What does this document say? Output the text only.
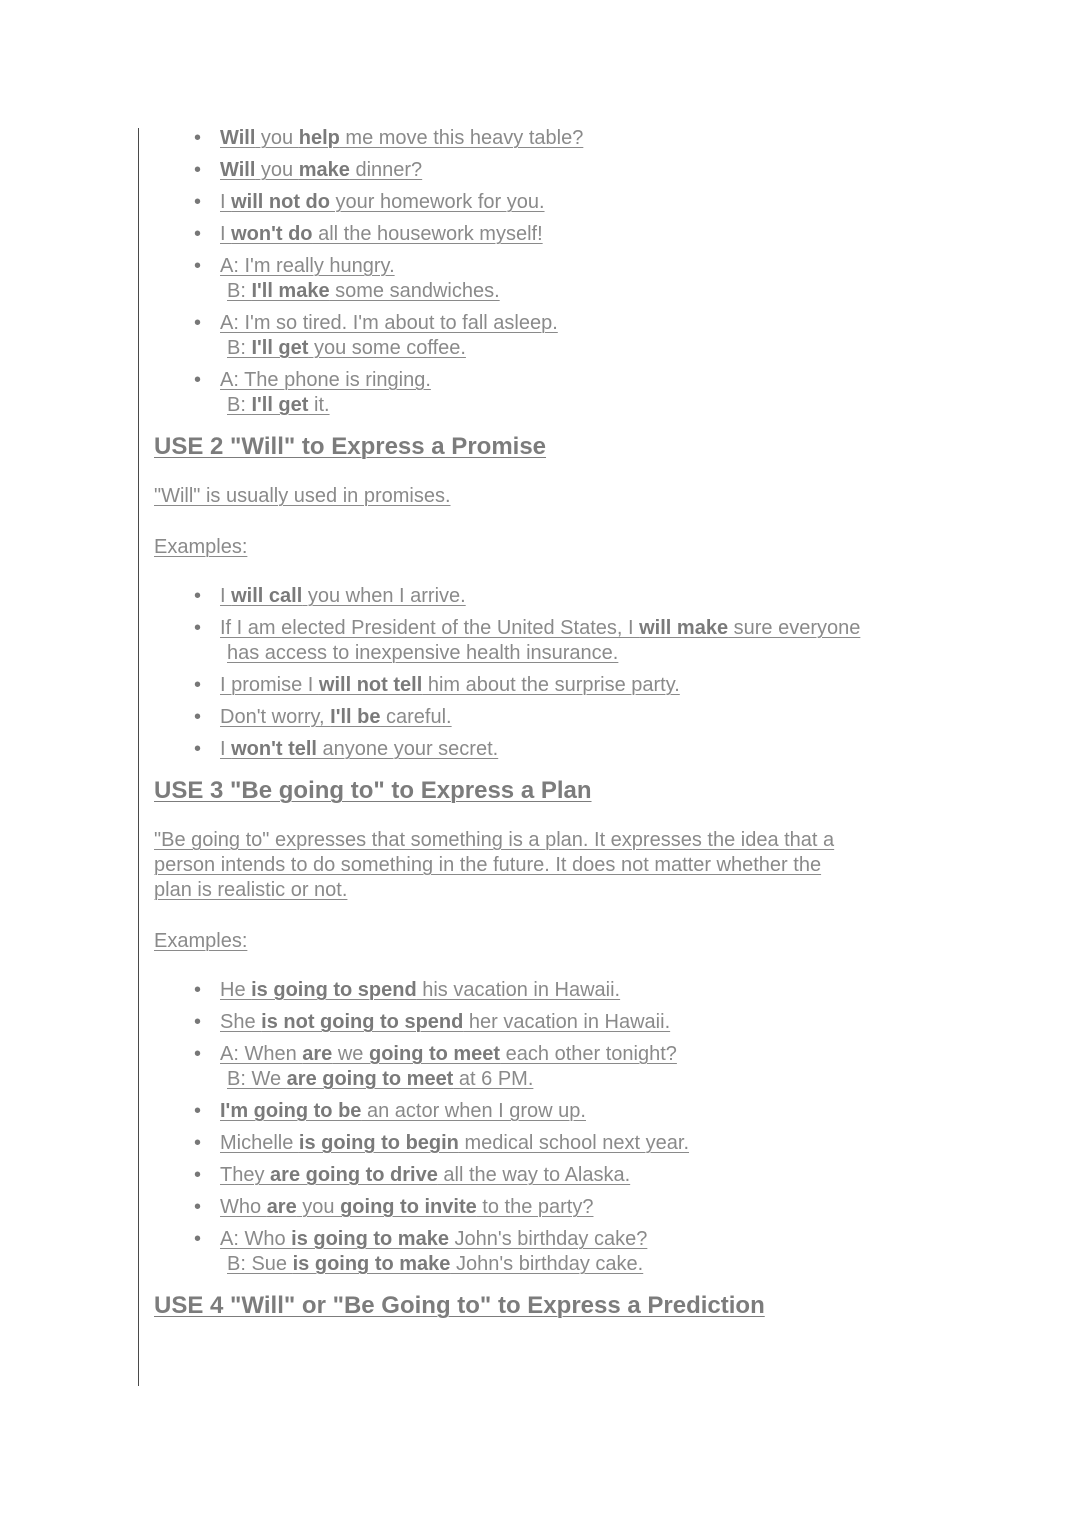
• Will you help me move this heavy table?
• Will you make dinner?
• I will not do your homework for you.
• I won't do all the housework myself!
• A: I'm really hungry.
B: I'll make some sandwiches.
• A: I'm so tired. I'm about to fall asleep.
B: I'll get you some coffee.
• A: The phone is ringing.
B: I'll get it.
USE 2 "Will" to Express a Promise

"Will" is usually used in promises.

Examples:

• I will call you when I arrive.
• If I am elected President of the United States, I will make sure everyone
has access to inexpensive health insurance.
• I promise I will not tell him about the surprise party.
• Don't worry, I'll be careful.
• I won't tell anyone your secret.
USE 3 "Be going to" to Express a Plan

"Be going to" expresses that something is a plan. It expresses the idea that a

person intends to do something in the future. It does not matter whether the

plan is realistic or not.

Examples:

• He is going to spend his vacation in Hawaii.
• She is not going to spend her vacation in Hawaii.
• A: When are we going to meet each other tonight?
B: We are going to meet at 6 PM.
• I'm going to be an actor when I grow up.
• Michelle is going to begin medical school next year.
• They are going to drive all the way to Alaska.
• Who are you going to invite to the party?
• A: Who is going to make John's birthday cake?
B: Sue is going to make John's birthday cake.
USE 4 "Will" or "Be Going to" to Express a Prediction
